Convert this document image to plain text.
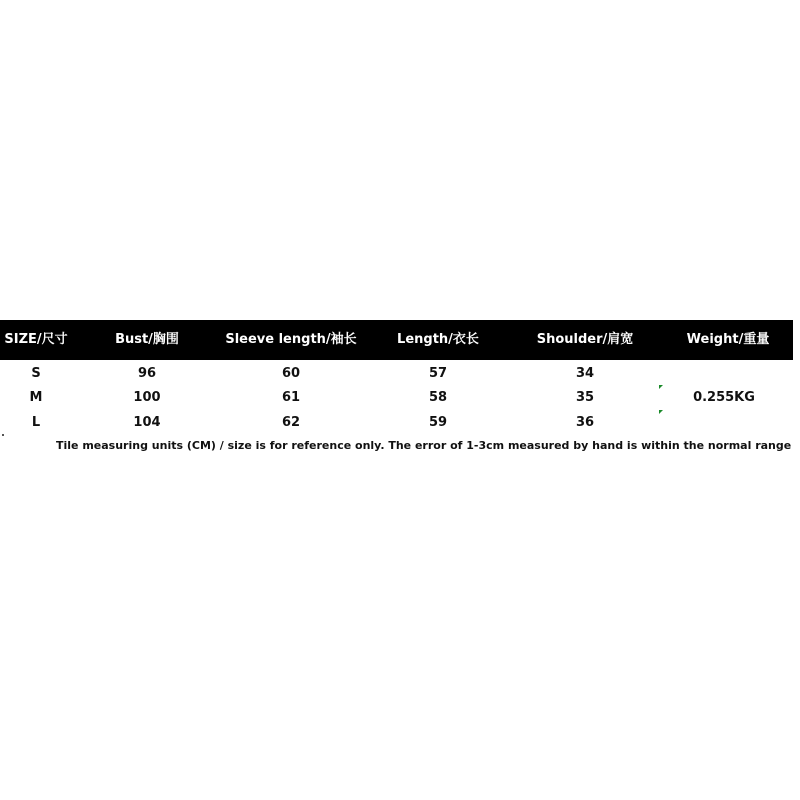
SIZE/尺寸	Bust/胸围	Sleeve length/袖长	Length/衣长	Shoulder/肩宽	Weight/重量
S	96	60	57	34
M	100	61	58	35
L	104	62	59	36
0.255KG
Tile measuring units (CM) / size is for reference only. The error of 1-3cm measured by hand is within the normal range
